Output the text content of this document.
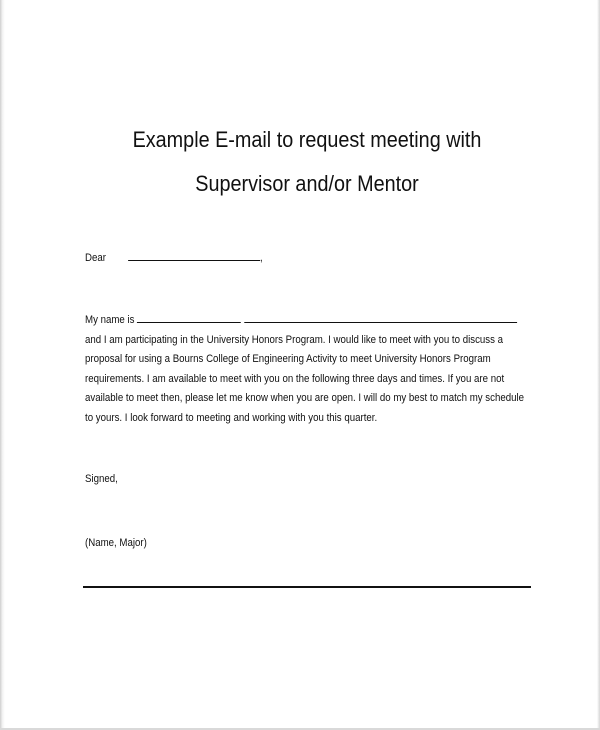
Example E-mail to request meeting with
Supervisor and/or Mentor
Dear	,
My name is
and I am participating in the University Honors Program. I would like to meet with you to discuss a
proposal for using a Bourns College of Engineering Activity to meet University Honors Program
requirements. I am available to meet with you on the following three days and times. If you are not
available to meet then, please let me know when you are open. I will do my best to match my schedule
to yours. I look forward to meeting and working with you this quarter.
Signed,
(Name, Major)
